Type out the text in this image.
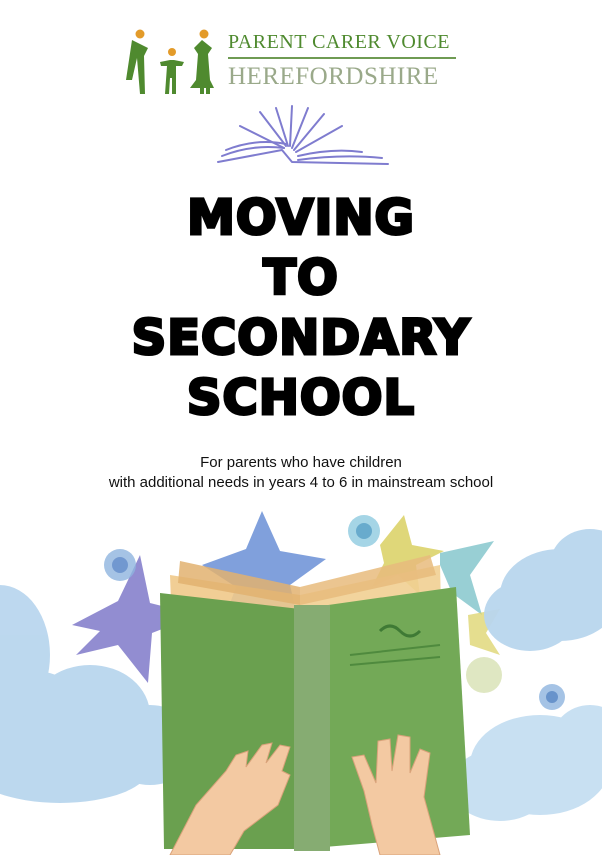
PARENT CARER VOICE
HEREFORDSHIRE
MOVING
TO
SECONDARY
SCHOOL
For parents who have children
with additional needs in years 4 to 6 in mainstream school
